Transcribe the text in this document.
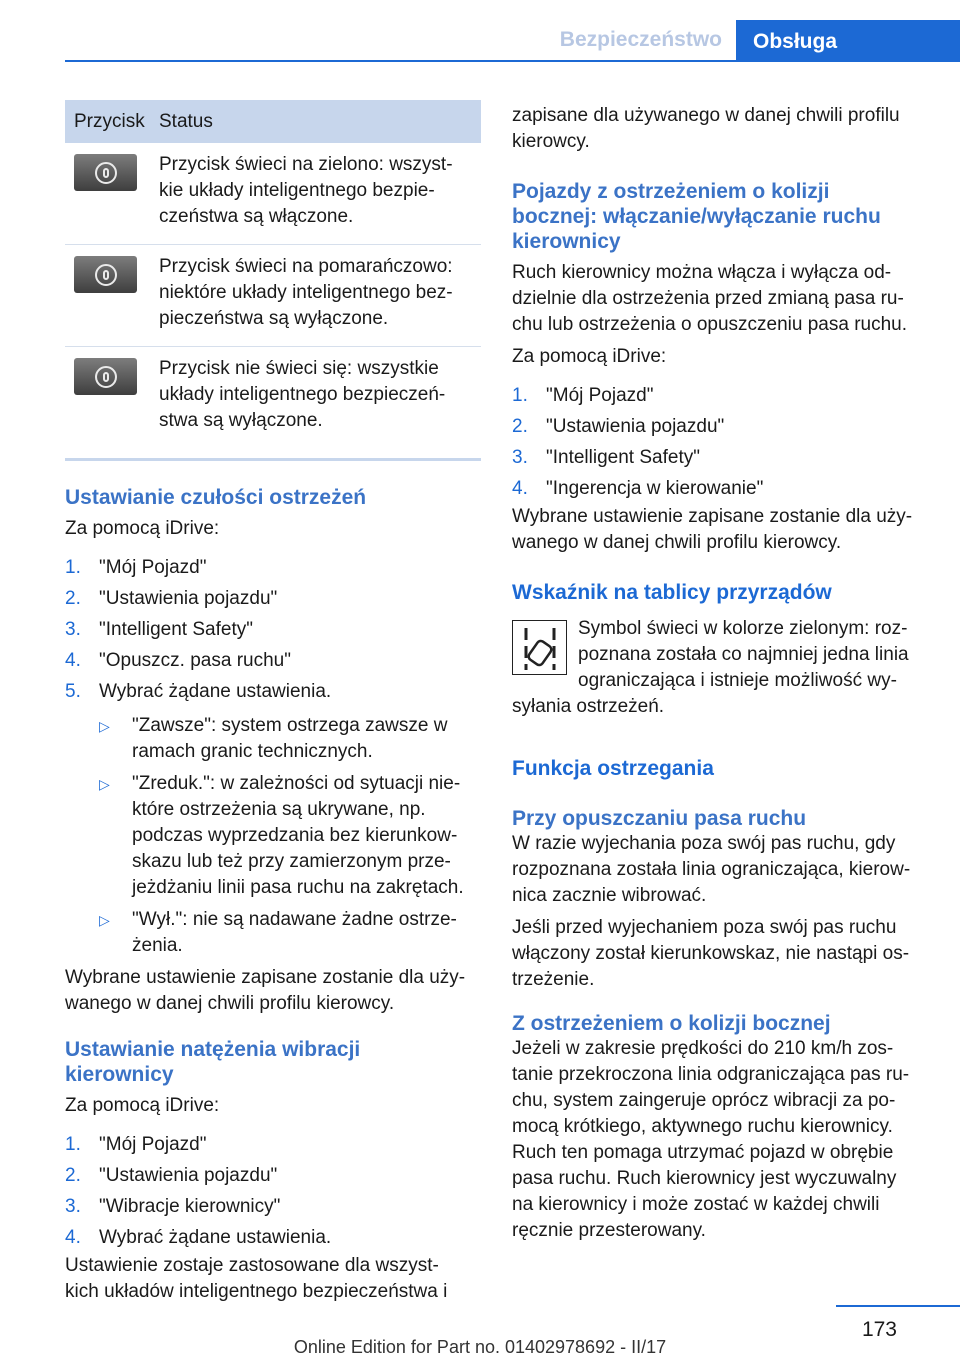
Bezpieczeństwo	Obsługa
Przycisk Status
Przycisk świeci na zielono: wszyst-
kie układy inteligentnego bezpie-
czeństwa są włączone.
Przycisk świeci na pomarańczowo:
niektóre układy inteligentnego bez-
pieczeństwa są wyłączone.
Przycisk nie świeci się: wszystkie
układy inteligentnego bezpieczeń-
stwa są wyłączone.
Ustawianie czułości ostrzeżeń

Za pomocą iDrive:

1. "Mój Pojazd"
2. "Ustawienia pojazdu"
3. "Intelligent Safety"
4. "Opuszcz. pasa ruchu"
5. Wybrać żądane ustawienia.
▷ "Zawsze": system ostrzega zawsze w
ramach granic technicznych.
▷ "Zreduk.": w zależności od sytuacji nie-
które ostrzeżenia są ukrywane, np.
podczas wyprzedzania bez kierunkow-
skazu lub też przy zamierzonym prze-
jeżdżaniu linii pasa ruchu na zakrętach.
▷ "Wył.": nie są nadawane żadne ostrze-
żenia.

Wybrane ustawienie zapisane zostanie dla uży-
wanego w danej chwili profilu kierowcy.

Ustawianie natężenia wibracji
kierownicy

Za pomocą iDrive:

1. "Mój Pojazd"
2. "Ustawienia pojazdu"
3. "Wibracje kierownicy"
4. Wybrać żądane ustawienia.

Ustawienie zostaje zastosowane dla wszyst-
kich układów inteligentnego bezpieczeństwa i

zapisane dla używanego w danej chwili profilu
kierowcy.

Pojazdy z ostrzeżeniem o kolizji
bocznej: włączanie/wyłączanie ruchu
kierownicy

Ruch kierownicy można włącza i wyłącza od-
dzielnie dla ostrzeżenia przed zmianą pasa ru-
chu lub ostrzeżenia o opuszczeniu pasa ruchu.

Za pomocą iDrive:

1. "Mój Pojazd"
2. "Ustawienia pojazdu"
3. "Intelligent Safety"
4. "Ingerencja w kierowanie"

Wybrane ustawienie zapisane zostanie dla uży-
wanego w danej chwili profilu kierowcy.

Wskaźnik na tablicy przyrządów
Symbol świeci w kolorze zielonym: roz-
poznana została co najmniej jedna linia
ograniczająca i istnieje możliwość wy-

syłania ostrzeżeń.

Funkcja ostrzegania
Przy opuszczaniu pasa ruchu

W razie wyjechania poza swój pas ruchu, gdy
rozpoznana została linia ograniczająca, kierow-
nica zacznie wibrować.

Jeśli przed wyjechaniem poza swój pas ruchu
włączony został kierunkowskaz, nie nastąpi os-
trzeżenie.

Z ostrzeżeniem o kolizji bocznej

Jeżeli w zakresie prędkości do 210 km/h zos-
tanie przekroczona linia odgraniczająca pas ru-
chu, system zaingeruje oprócz wibracji za po-
mocą krótkiego, aktywnego ruchu kierownicy.
Ruch ten pomaga utrzymać pojazd w obrębie
pasa ruchu. Ruch kierownicy jest wyczuwalny
na kierownicy i może zostać w każdej chwili
ręcznie przesterowany.

173
Online Edition for Part no. 01402978692 - II/17
